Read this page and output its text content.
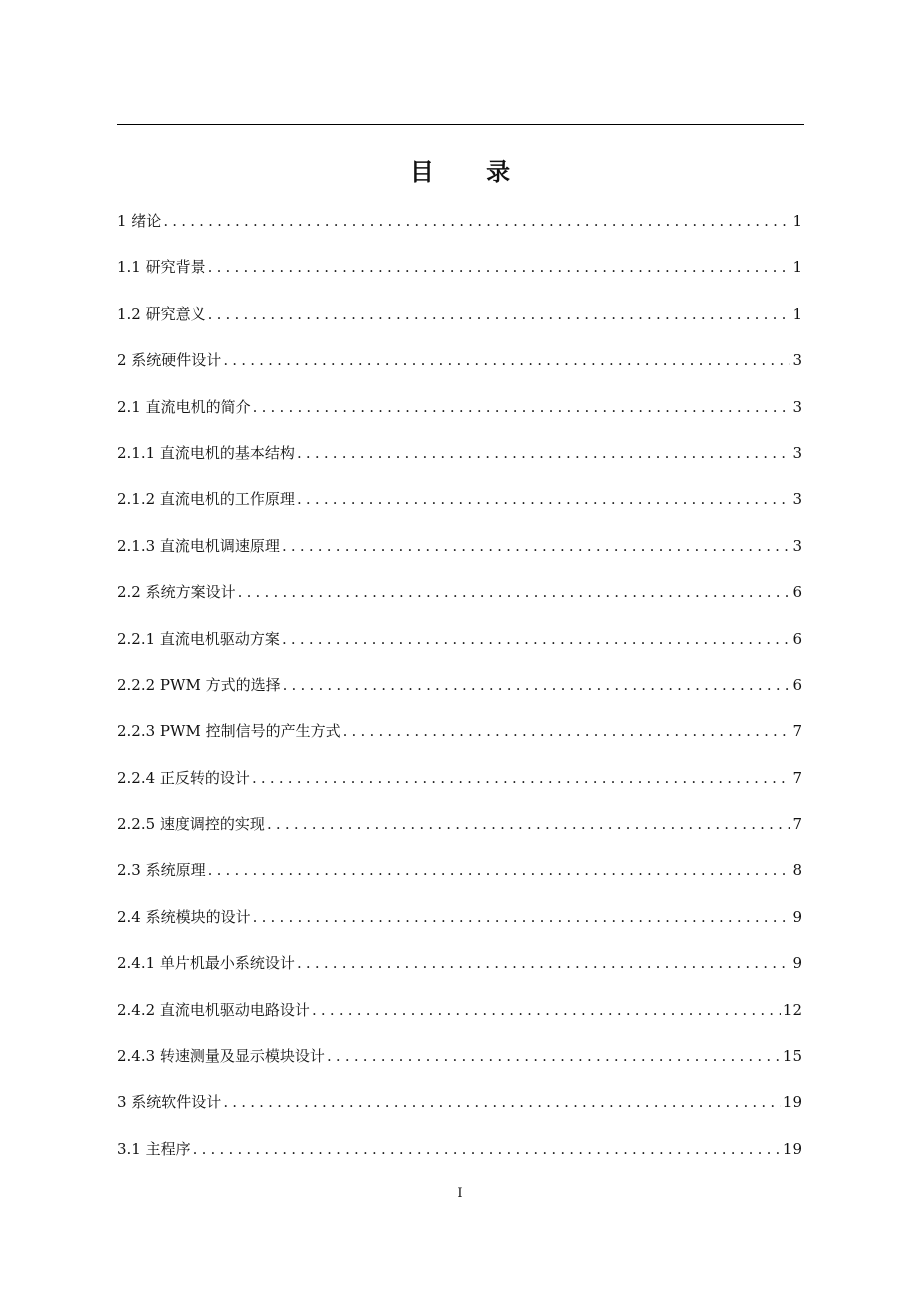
目 录
1 绪论 .....	1
1.1 研究背景 .....	1
1.2 研究意义 .....	1
2 系统硬件设计 .....	3
2.1 直流电机的简介 .....	3
2.1.1 直流电机的基本结构 .....	3
2.1.2 直流电机的工作原理 .....	3
2.1.3 直流电机调速原理 .....	3
2.2 系统方案设计 .....	6
2.2.1 直流电机驱动方案 .....	6
2.2.2 PWM 方式的选择 .....	6
2.2.3 PWM 控制信号的产生方式 .....	7
2.2.4 正反转的设计 .....	7
2.2.5 速度调控的实现 .....	7
2.3 系统原理 .....	8
2.4 系统模块的设计 .....	9
2.4.1 单片机最小系统设计 .....	9
2.4.2 直流电机驱动电路设计 .....	12
2.4.3 转速测量及显示模块设计 .....	15
3 系统软件设计 .....	19
3.1 主程序 .....	19
I
